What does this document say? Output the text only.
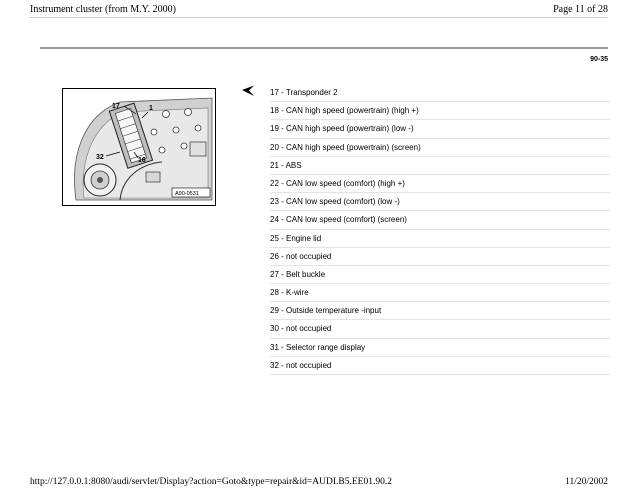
Instrument cluster (from M.Y. 2000)	Page 11 of 28
90-35
17	1
32	16
A90-0531
17 - Transponder 2
18 - CAN high speed (powertrain) (high +)
19 - CAN high speed (powertrain) (low -)
20 - CAN high speed (powertrain) (screen)
21 - ABS
22 - CAN low speed (comfort) (high +)
23 - CAN low speed (comfort) (low -)
24 - CAN low speed (comfort) (screen)
25 - Engine lid
26 - not occupied
27 - Belt buckle
28 - K-wire
29 - Outside temperature -input
30 - not occupied
31 - Selector range display
32 - not occupied
http://127.0.0.1:8080/audi/servlet/Display?action=Goto&type=repair&id=AUDI.B5.EE01.90.2	11/20/2002
